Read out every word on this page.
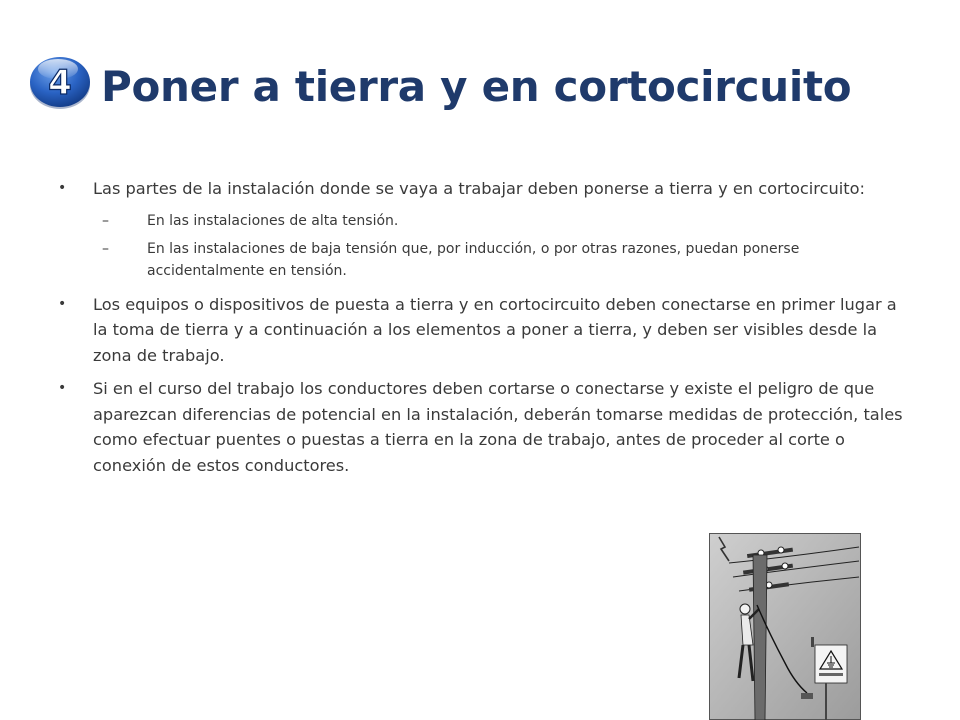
4 Poner a tierra y en cortocircuito

• Las partes de la instalación donde se vaya a trabajar deben ponerse a tierra y en cortocircuito:

–	En las instalaciones de alta tensión.

–	En las instalaciones de baja tensión que, por inducción, o por otras razones, puedan ponerse accidentalmente en tensión.

• Los equipos o dispositivos de puesta a tierra y en cortocircuito deben conectarse en primer lugar a la toma de tierra y a continuación a los elementos a poner a tierra, y deben ser visibles desde la zona de trabajo.

• Si en el curso del trabajo los conductores deben cortarse o conectarse y existe el peligro de que aparezcan diferencias de potencial en la instalación, deberán tomarse medidas de protección, tales como efectuar puentes o puestas a tierra en la zona de trabajo, antes de proceder al corte o conexión de estos conductores.
